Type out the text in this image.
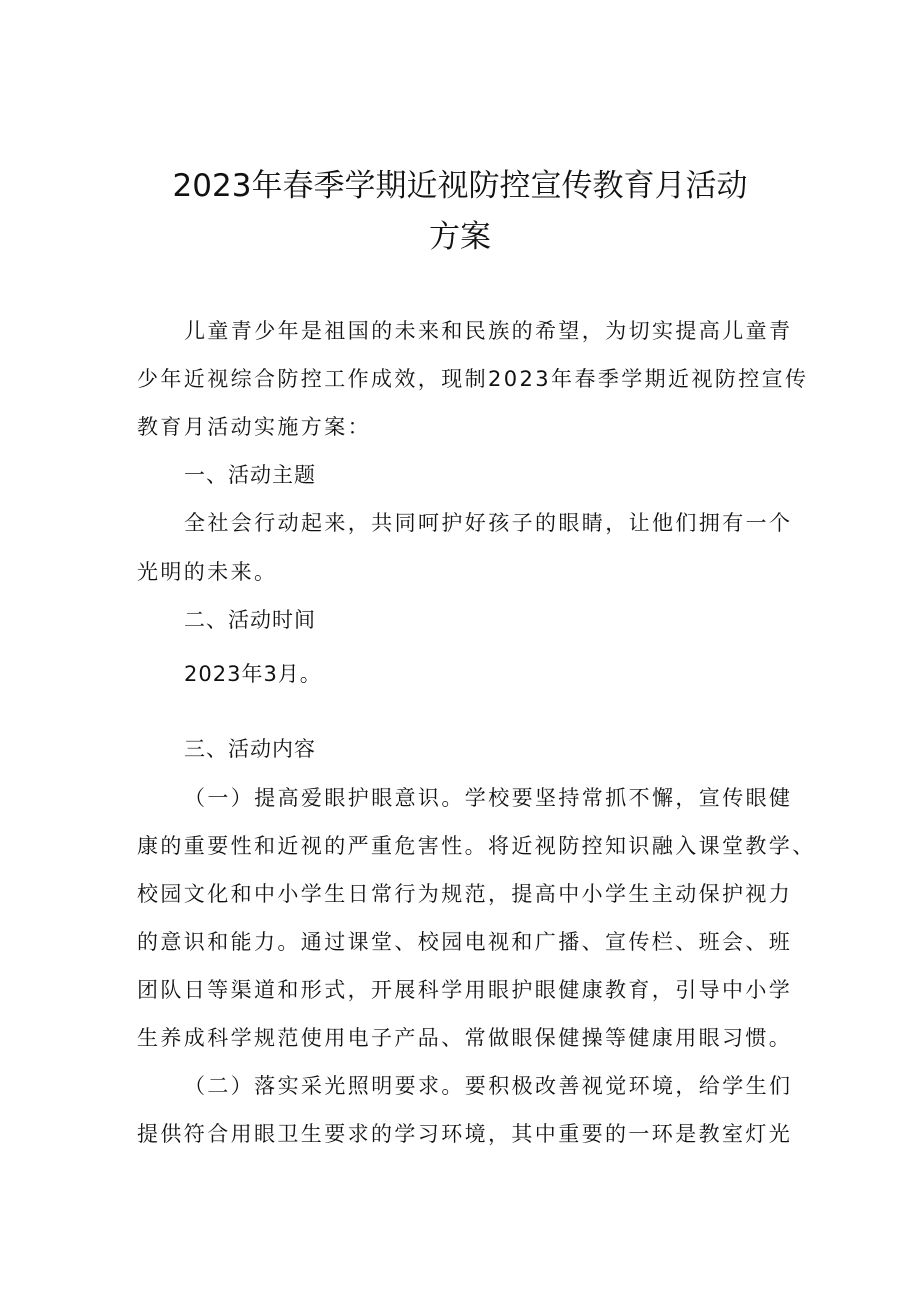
2023年春季学期近视防控宣传教育月活动
方案
儿童青少年是祖国的未来和民族的希望，为切实提高儿童青
少年近视综合防控工作成效，现制2023年春季学期近视防控宣传
教育月活动实施方案：
一、活动主题
全社会行动起来，共同呵护好孩子的眼睛，让他们拥有一个
光明的未来。
二、活动时间
2023年3月。
三、活动内容
（一）提高爱眼护眼意识。学校要坚持常抓不懈，宣传眼健
康的重要性和近视的严重危害性。将近视防控知识融入课堂教学、
校园文化和中小学生日常行为规范，提高中小学生主动保护视力
的意识和能力。通过课堂、校园电视和广播、宣传栏、班会、班
团队日等渠道和形式，开展科学用眼护眼健康教育，引导中小学
生养成科学规范使用电子产品、常做眼保健操等健康用眼习惯。
（二）落实采光照明要求。要积极改善视觉环境，给学生们
提供符合用眼卫生要求的学习环境，其中重要的一环是教室灯光
